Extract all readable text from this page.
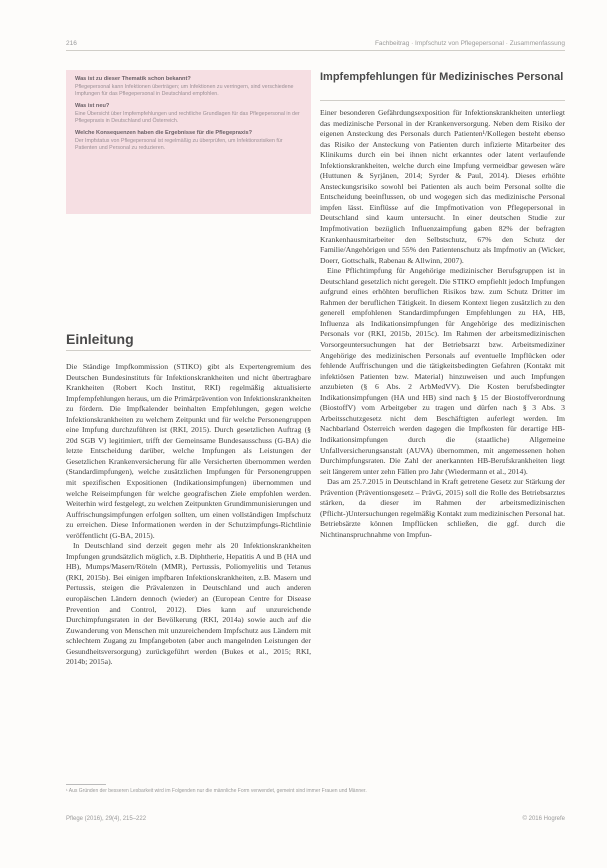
216	Fachbeitrag · Impfschutz von Pflegepersonal · Zusammenfassung
Was ist zu dieser Thematik schon bekannt?
Pflegepersonal kann Infektionen überträgen; um Infektionen zu verringern, sind verschiedene Impfungen für das Pflegepersonal in Deutschland empfohlen.
Was ist neu?
Eine Übersicht über Impfempfehlungen und rechtliche Grundlagen für das Pflegepersonal in der Pflegepraxis in Deutschland und Österreich.
Welche Konsequenzen haben die Ergebnisse für die Pflegepraxis?
Der Impfstatus von Pflegepersonal ist regelmäßig zu überprüfen, um Infektionsrisiken für Patienten und Personal zu reduzieren.
Einleitung

Die Ständige Impfkommission (STIKO) gibt als Expertengremium des Deutschen Bundesinstituts für Infektionskrankheiten und nicht übertragbare Krankheiten (Robert Koch Institut, RKI) regelmäßig aktualisierte Impfempfehlungen heraus, um die Primärprävention von Infektionskrankheiten zu fördern. Die Impfkalender beinhalten Empfehlungen, gegen welche Infektionskrankheiten zu welchem Zeitpunkt und für welche Personengruppen eine Impfung durchzuführen ist (RKI, 2015). Durch gesetzlichen Auftrag (§ 20d SGB V) legitimiert, trifft der Gemeinsame Bundesausschuss (G-BA) die letzte Entscheidung darüber, welche Impfungen als Leistungen der Gesetzlichen Krankenversicherung für alle Versicherten übernommen werden (Standardimpfungen), welche zusätzlichen Impfungen für Personengruppen mit spezifischen Expositionen (Indikationsimpfungen) übernommen und welche Reiseimpfungen für welche geografischen Ziele empfohlen werden. Weiterhin wird festgelegt, zu welchen Zeitpunkten Grundimmunisierungen und Auffrischungsimpfungen erfolgen sollten, um einen vollständigen Impfschutz zu erreichen. Diese Informationen werden in der Schutzimpfungs-Richtlinie veröffentlicht (G-BA, 2015).

In Deutschland sind derzeit gegen mehr als 20 Infektionskrankheiten Impfungen grundsätzlich möglich, z.B. Diphtherie, Hepatitis A und B (HA und HB), Mumps/Masern/Röteln (MMR), Pertussis, Poliomyelitis und Tetanus (RKI, 2015b). Bei einigen impfbaren Infektionskrankheiten, z.B. Masern und Pertussis, steigen die Prävalenzen in Deutschland und auch anderen europäischen Ländern dennoch (wieder) an (European Centre for Disease Prevention and Control, 2012). Dies kann auf unzureichende Durchimpfungsraten in der Bevölkerung (RKI, 2014a) sowie auch auf die Zuwanderung von Menschen mit unzureichendem Impfschutz aus Ländern mit schlechtem Zugang zu Impfangeboten (aber auch mangelnden Leistungen der Gesundheitsversorgung) zurückgeführt werden (Bukes et al., 2015; RKI, 2014b; 2015a).

Impfempfehlungen für Medizinisches Personal

Einer besonderen Gefährdungsexposition für Infektionskrankheiten unterliegt das medizinische Personal in der Krankenversorgung. Neben dem Risiko der eigenen Ansteckung des Personals durch Patienten¹/Kollegen besteht ebenso das Risiko der Ansteckung von Patienten durch infizierte Mitarbeiter des Klinikums durch ein bei ihnen nicht erkanntes oder latent verlaufende Infektionskrankheiten, welche durch eine Impfung vermeidbar gewesen wäre (Huttunen & Syrjänen, 2014; Syrder & Paul, 2014). Dieses erhöhte Ansteckungsrisiko sowohl bei Patienten als auch beim Personal sollte die Entscheidung beeinflussen, ob und wogegen sich das medizinische Personal impfen lässt. Einflüsse auf die Impfmotivation von Pflegepersonal in Deutschland sind kaum untersucht. In einer deutschen Studie zur Impfmotivation bezüglich Influenzaimpfung gaben 82% der befragten Krankenhausmitarbeiter den Selbstschutz, 67% den Schutz der Familie/Angehörigen und 55% den Patientenschutz als Impfmotiv an (Wicker, Doerr, Gottschalk, Rabenau & Allwinn, 2007).

Eine Pflichtimpfung für Angehörige medizinischer Berufsgruppen ist in Deutschland gesetzlich nicht geregelt. Die STIKO empfiehlt jedoch Impfungen aufgrund eines erhöhten beruflichen Risikos bzw. zum Schutz Dritter im Rahmen der beruflichen Tätigkeit. In diesem Kontext liegen zusätzlich zu den generell empfohlenen Standardimpfungen Empfehlungen zu HA, HB, Influenza als Indikationsimpfungen für Angehörige des medizinischen Personals vor (RKI, 2015b, 2015c). Im Rahmen der arbeitsmedizinischen Vorsorgeuntersuchungen hat der Betriebsarzt bzw. Arbeitsmediziner Angehörige des medizinischen Personals auf eventuelle Impflücken oder fehlende Auffrischungen und die tätigkeitsbedingten Gefahren (Kontakt mit infektiösen Patienten bzw. Material) hinzuweisen und auch Impfungen anzubieten (§ 6 Abs. 2 ArbMedVV). Die Kosten berufsbedingter Indikationsimpfungen (HA und HB) sind nach § 15 der Biostoffverordnung (BiostoffV) vom Arbeitgeber zu tragen und dürfen nach § 3 Abs. 3 Arbeitsschutzgesetz nicht dem Beschäftigten auferlegt werden. Im Nachbarland Österreich werden dagegen die Impfkosten für derartige HB-Indikationsimpfungen durch die (staatliche) Allgemeine Unfallversicherungsanstalt (AUVA) übernommen, mit angemessenen hohen Durchimpfungsraten. Die Zahl der anerkannten HB-Berufskrankheiten liegt seit längerem unter zehn Fällen pro Jahr (Wiedermann et al., 2014).

Das am 25.7.2015 in Deutschland in Kraft getretene Gesetz zur Stärkung der Prävention (Präventionsgesetz – PrävG, 2015) soll die Rolle des Betriebsarztes stärken, da dieser im Rahmen der arbeitsmedizinischen (Pflicht-)Untersuchungen regelmäßig Kontakt zum medizinischen Personal hat. Betriebsärzte können Impflücken schließen, die ggf. durch die Nichtinanspruchnahme von Impfun-

¹ Aus Gründen der besseren Lesbarkeit wird im Folgenden nur die männliche Form verwendet, gemeint sind immer Frauen und Männer.
Pflege (2016), 29(4), 215–222	© 2016 Hogrefe
